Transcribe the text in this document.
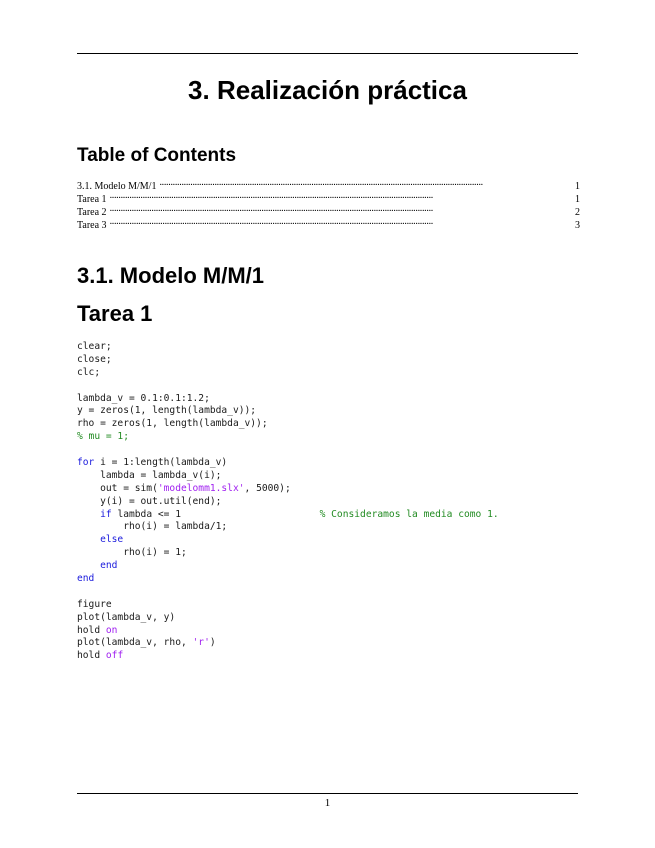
3. Realización práctica
Table of Contents
3.1. Modelo M/M/1 . . .	1
Tarea 1 . . .	1
Tarea 2 . . .	2
Tarea 3 . . .	3
3.1. Modelo M/M/1
Tarea 1
clear;
close;
clc;
lambda_v = 0.1:0.1:1.2;
y = zeros(1, length(lambda_v));
rho = zeros(1, length(lambda_v));
% mu = 1;
for i = 1:length(lambda_v)
lambda = lambda_v(i);
out = sim('modelomm1.slx', 5000);
y(i) = out.util(end);
if lambda <= 1                        % Consideramos la media como 1.
rho(i) = lambda/1;
else
rho(i) = 1;
end
end
figure
plot(lambda_v, y)
hold on
plot(lambda_v, rho, 'r')
hold off
1
